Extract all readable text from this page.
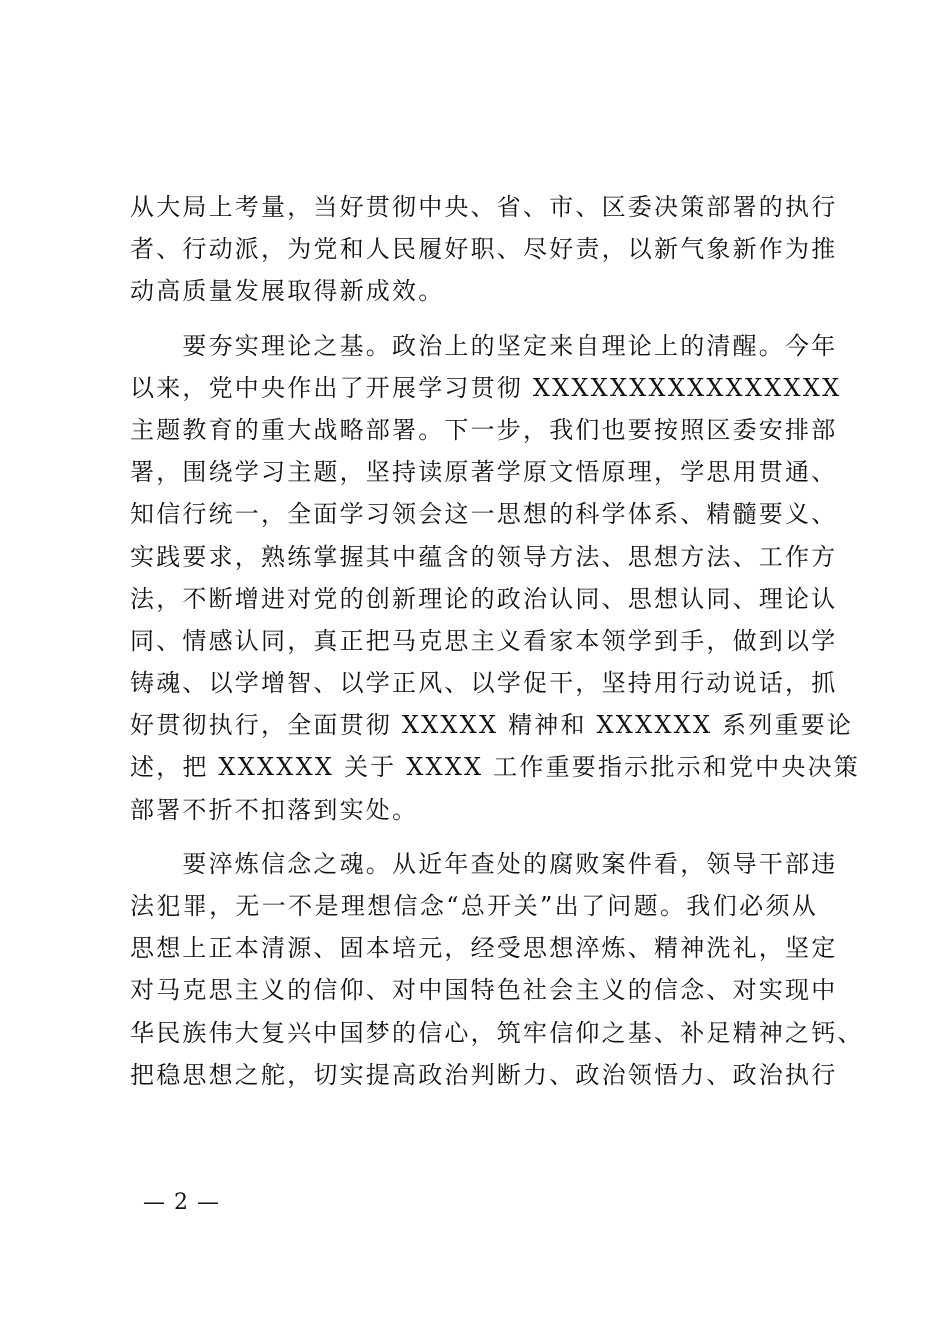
从大局上考量，当好贯彻中央、省、市、区委决策部署的执行
者、行动派，为党和人民履好职、尽好责，以新气象新作为推
动高质量发展取得新成效。
　　要夯实理论之基。政治上的坚定来自理论上的清醒。今年
以来，党中央作出了开展学习贯彻 XXXXXXXXXXXXXXXX
主题教育的重大战略部署。下一步，我们也要按照区委安排部
署，围绕学习主题，坚持读原著学原文悟原理，学思用贯通、
知信行统一，全面学习领会这一思想的科学体系、精髓要义、
实践要求，熟练掌握其中蕴含的领导方法、思想方法、工作方
法，不断增进对党的创新理论的政治认同、思想认同、理论认
同、情感认同，真正把马克思主义看家本领学到手，做到以学
铸魂、以学增智、以学正风、以学促干，坚持用行动说话，抓
好贯彻执行，全面贯彻 XXXXX 精神和 XXXXXX 系列重要论
述，把 XXXXXX 关于 XXXX 工作重要指示批示和党中央决策
部署不折不扣落到实处。
　　要淬炼信念之魂。从近年查处的腐败案件看，领导干部违
法犯罪，无一不是理想信念“总开关”出了问题。我们必须从
思想上正本清源、固本培元，经受思想淬炼、精神洗礼，坚定
对马克思主义的信仰、对中国特色社会主义的信念、对实现中
华民族伟大复兴中国梦的信心，筑牢信仰之基、补足精神之钙、
把稳思想之舵，切实提高政治判断力、政治领悟力、政治执行
— 2 —
